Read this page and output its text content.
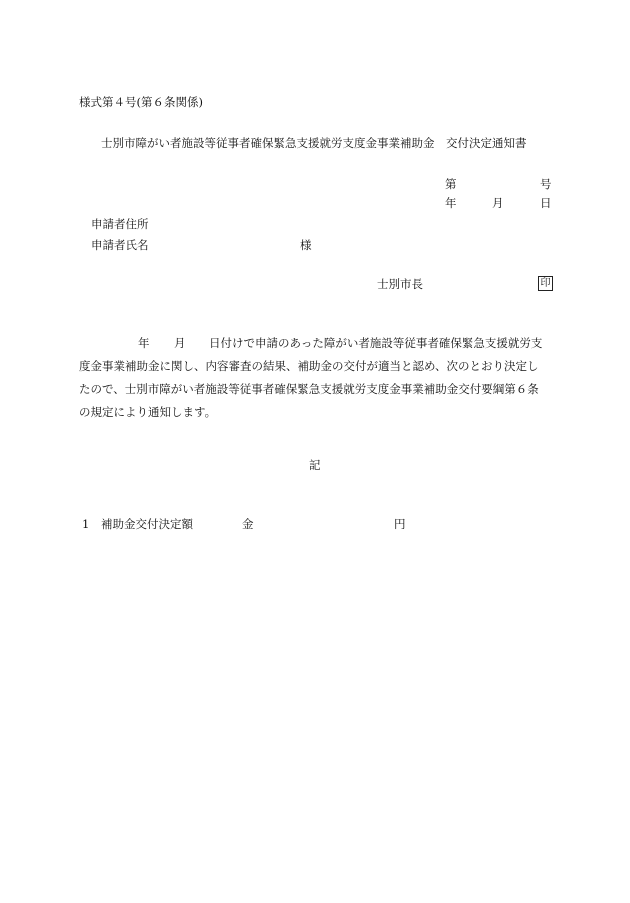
様式第４号(第６条関係)
士別市障がい者施設等従事者確保緊急支援就労支度金事業補助金　交付決定通知書
第	号
年	月	日
申請者住所
申請者氏名	様
士別市長	印
年 月 日付けで申請のあった障がい者施設等従事者確保緊急支援就労支
度金事業補助金に関し、内容審査の結果、補助金の交付が適当と認め、次のとおり決定し
たので、士別市障がい者施設等従事者確保緊急支援就労支度金事業補助金交付要綱第６条
の規定により通知します。
記
1 補助金交付決定額	金	円
